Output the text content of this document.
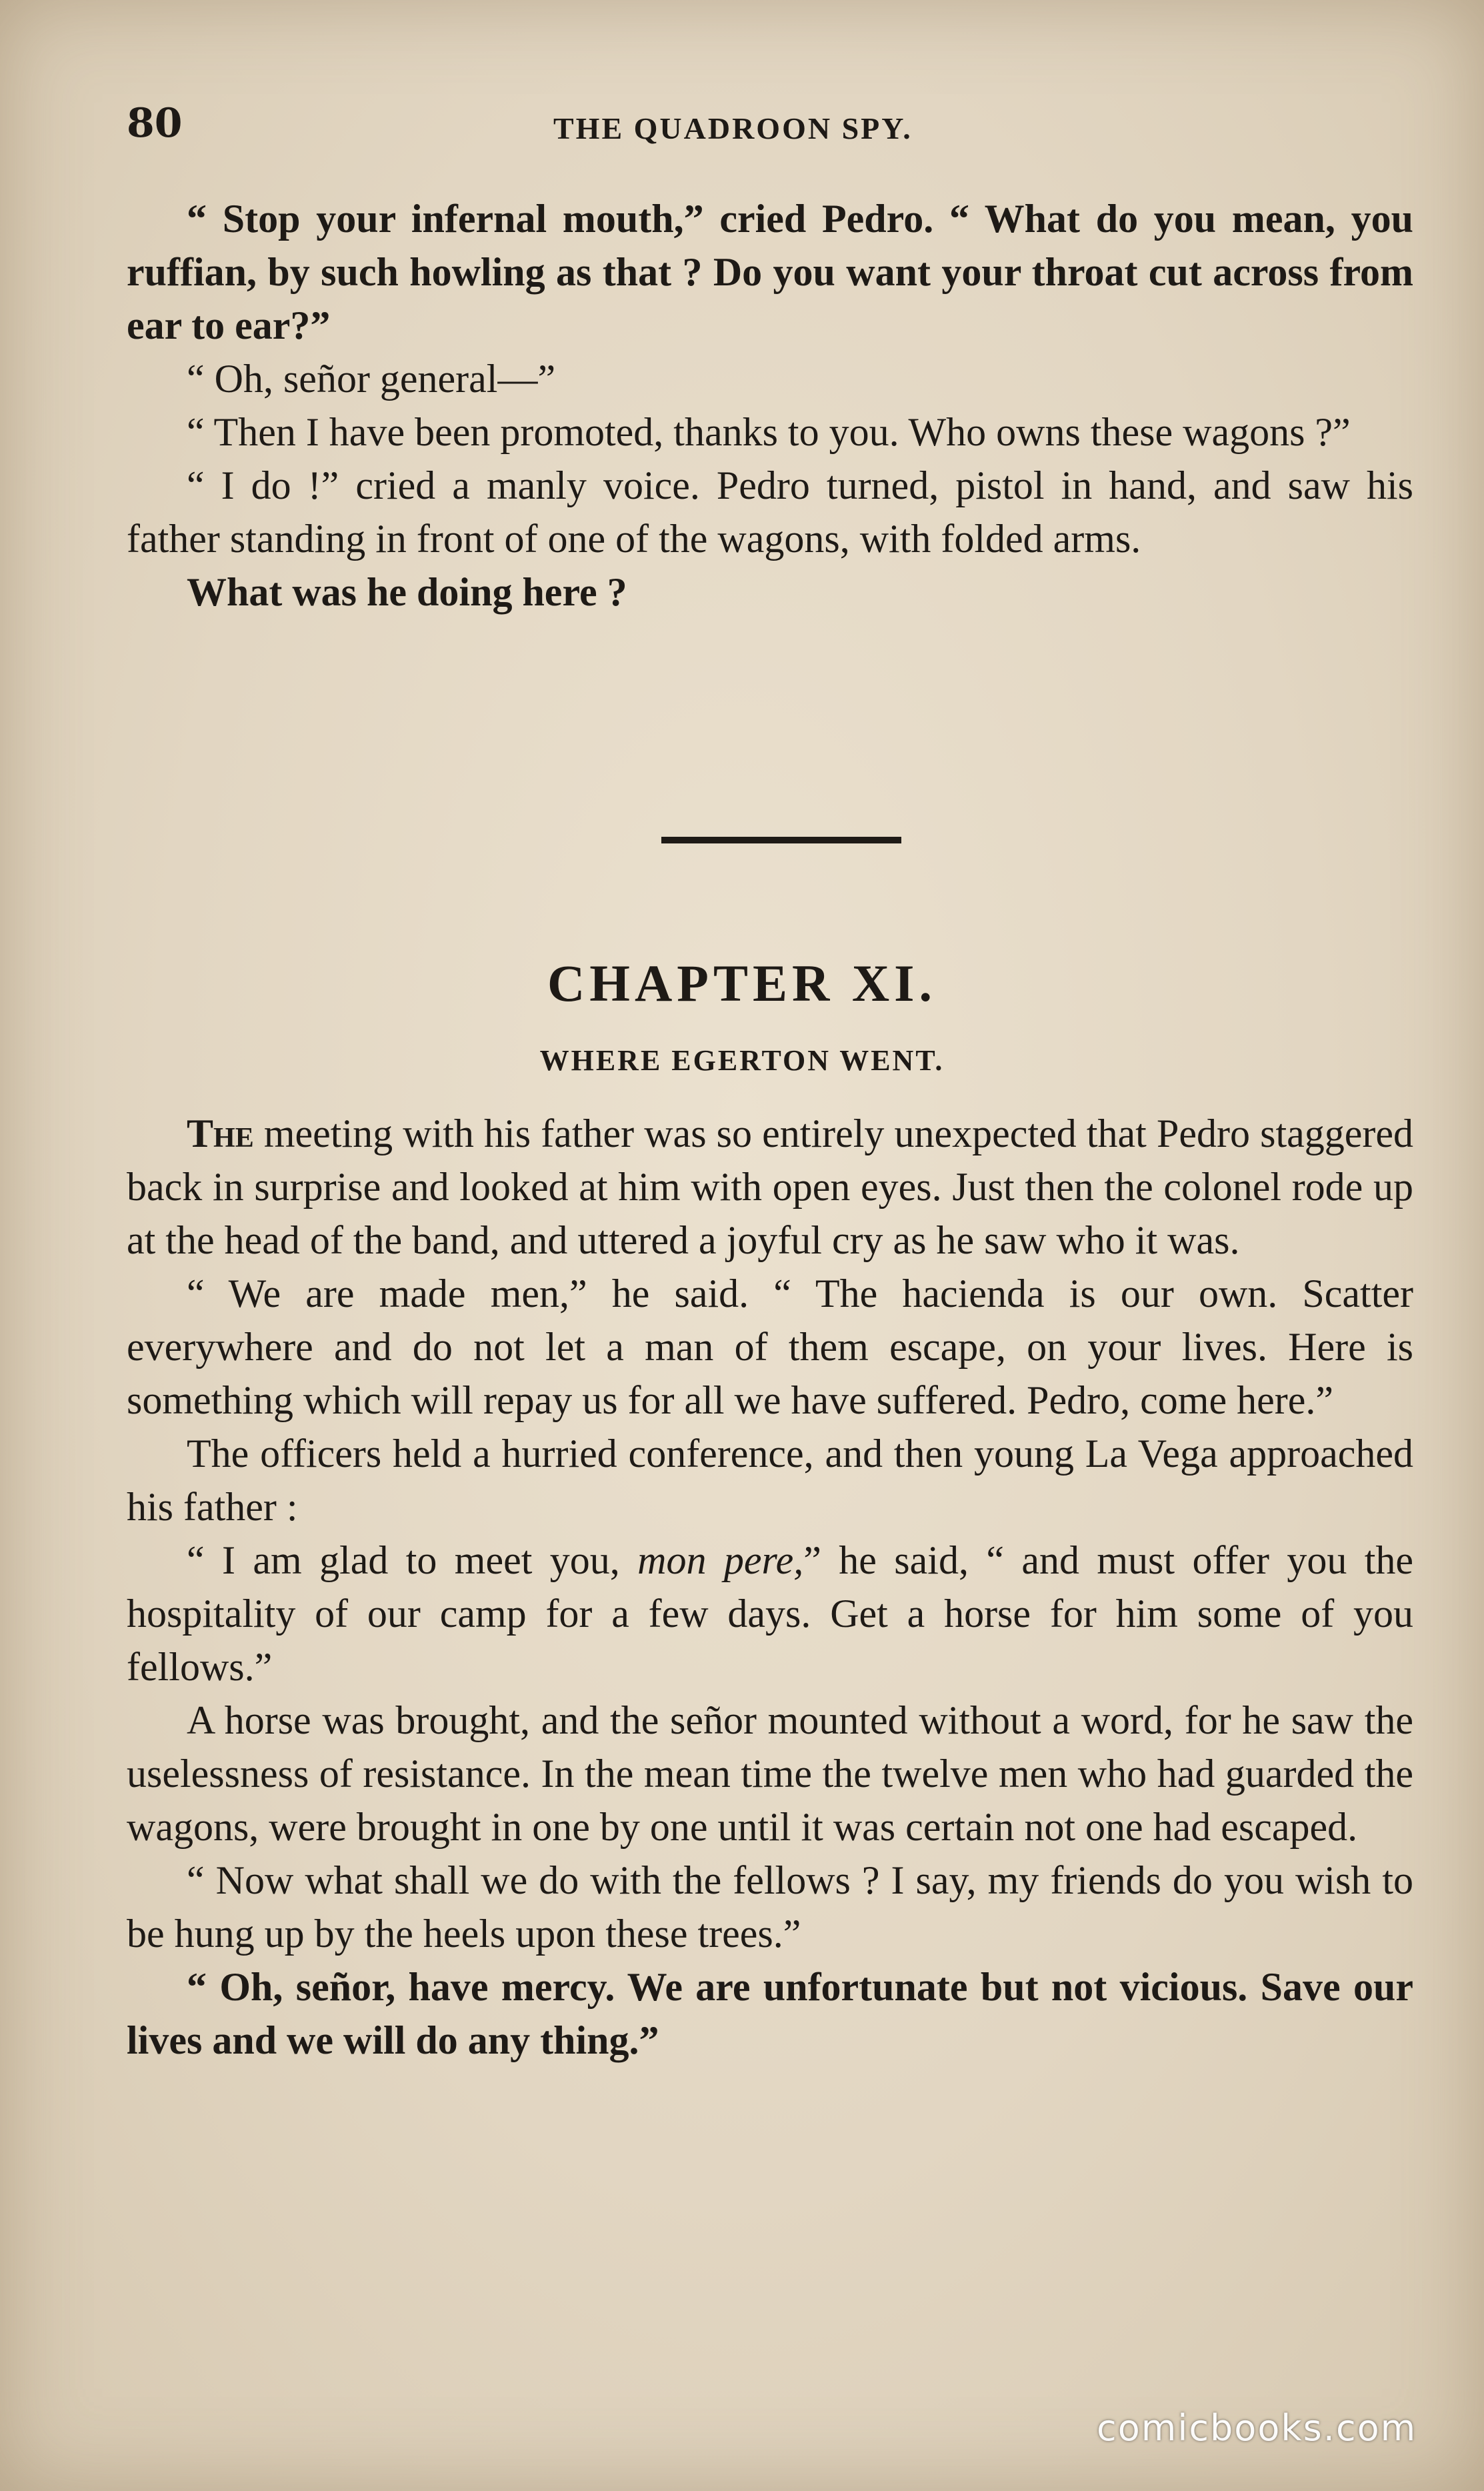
80	THE QUADROON SPY.

“ Stop your infernal mouth,” cried Pedro. “ What do you mean, you ruffian, by such howling as that ? Do you want your throat cut across from ear to ear?”

“ Oh, señor general—”

“ Then I have been promoted, thanks to you. Who owns these wagons ?”

“ I do !” cried a manly voice. Pedro turned, pistol in hand, and saw his father standing in front of one of the wagons, with folded arms.

What was he doing here ?

CHAPTER XI.
WHERE EGERTON WENT.

The meeting with his father was so entirely unexpected that Pedro staggered back in surprise and looked at him with open eyes. Just then the colonel rode up at the head of the band, and uttered a joyful cry as he saw who it was.

“ We are made men,” he said. “ The hacienda is our own. Scatter everywhere and do not let a man of them escape, on your lives. Here is something which will repay us for all we have suffered. Pedro, come here.”

The officers held a hurried conference, and then young La Vega approached his father :

“ I am glad to meet you, mon pere,” he said, “ and must offer you the hospitality of our camp for a few days. Get a horse for him some of you fellows.”

A horse was brought, and the señor mounted without a word, for he saw the uselessness of resistance. In the mean time the twelve men who had guarded the wagons, were brought in one by one until it was certain not one had escaped.

“ Now what shall we do with the fellows ? I say, my friends do you wish to be hung up by the heels upon these trees.”

“ Oh, señor, have mercy. We are unfortunate but not vicious. Save our lives and we will do any thing.”

comicbooks.com
